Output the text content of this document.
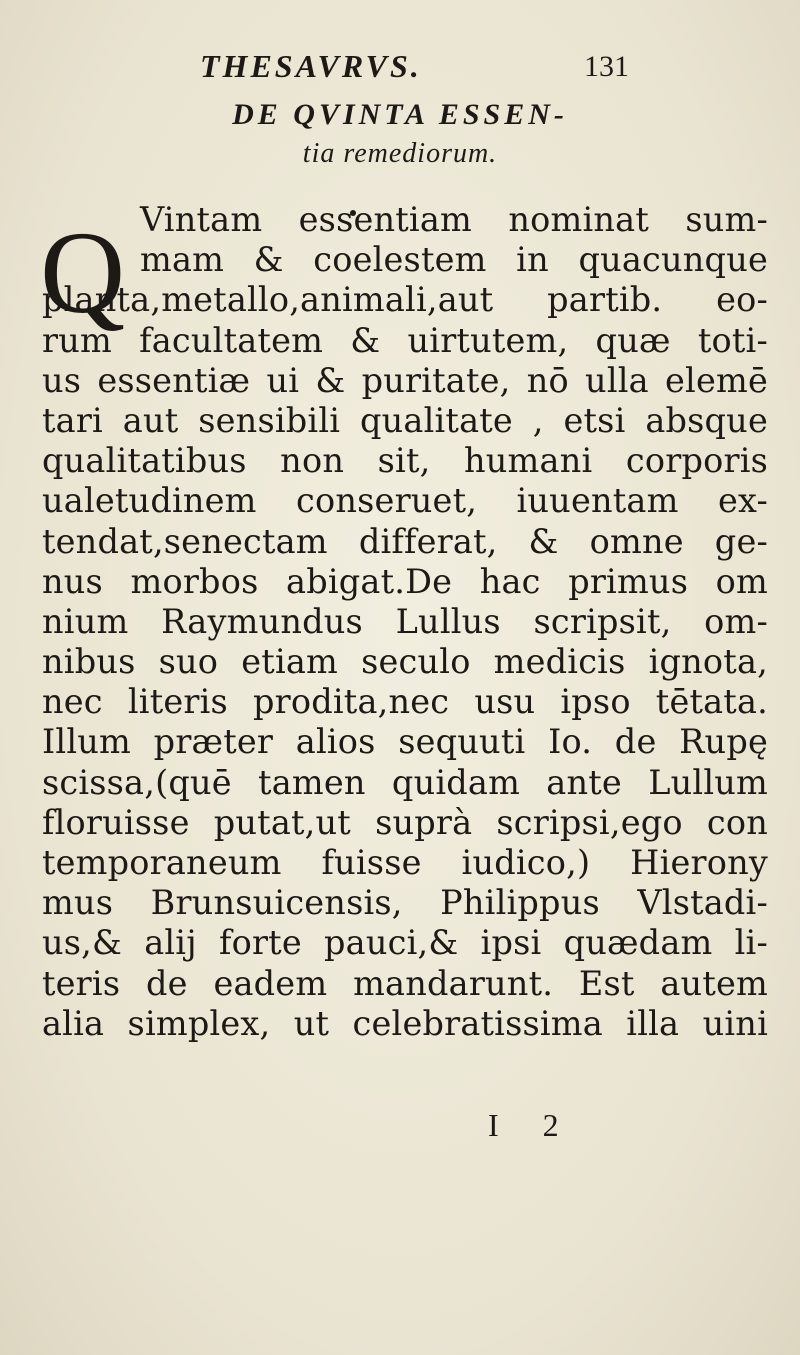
THESAVRVS.	131
DE QVINTA ESSEN-
tia remediorum.
Q Vintam essentiam nominat sum-
mam & coelestem in quacunque
planta,metallo,animali,aut partib. eo-
rum facultatem & uirtutem, quæ toti-
us essentiæ ui & puritate, nō ulla elemē
tari aut sensibili qualitate , etsi absque
qualitatibus non sit, humani corporis
ualetudinem conseruet, iuuentam ex-
tendat,senectam differat, & omne ge-
nus morbos abigat.De hac primus om
nium Raymundus Lullus scripsit, om-
nibus suo etiam seculo medicis ignota,
nec literis prodita,nec usu ipso tētata.
Illum præter alios sequuti Io. de Rupę
scissa,(quē tamen quidam ante Lullum
floruisse putat,ut suprà scripsi,ego con
temporaneum fuisse iudico,) Hierony
mus Brunsuicensis, Philippus Vlstadi-
us,& alij forte pauci,& ipsi quædam li-
teris de eadem mandarunt. Est autem
alia simplex, ut celebratissima illa uini
I 2
